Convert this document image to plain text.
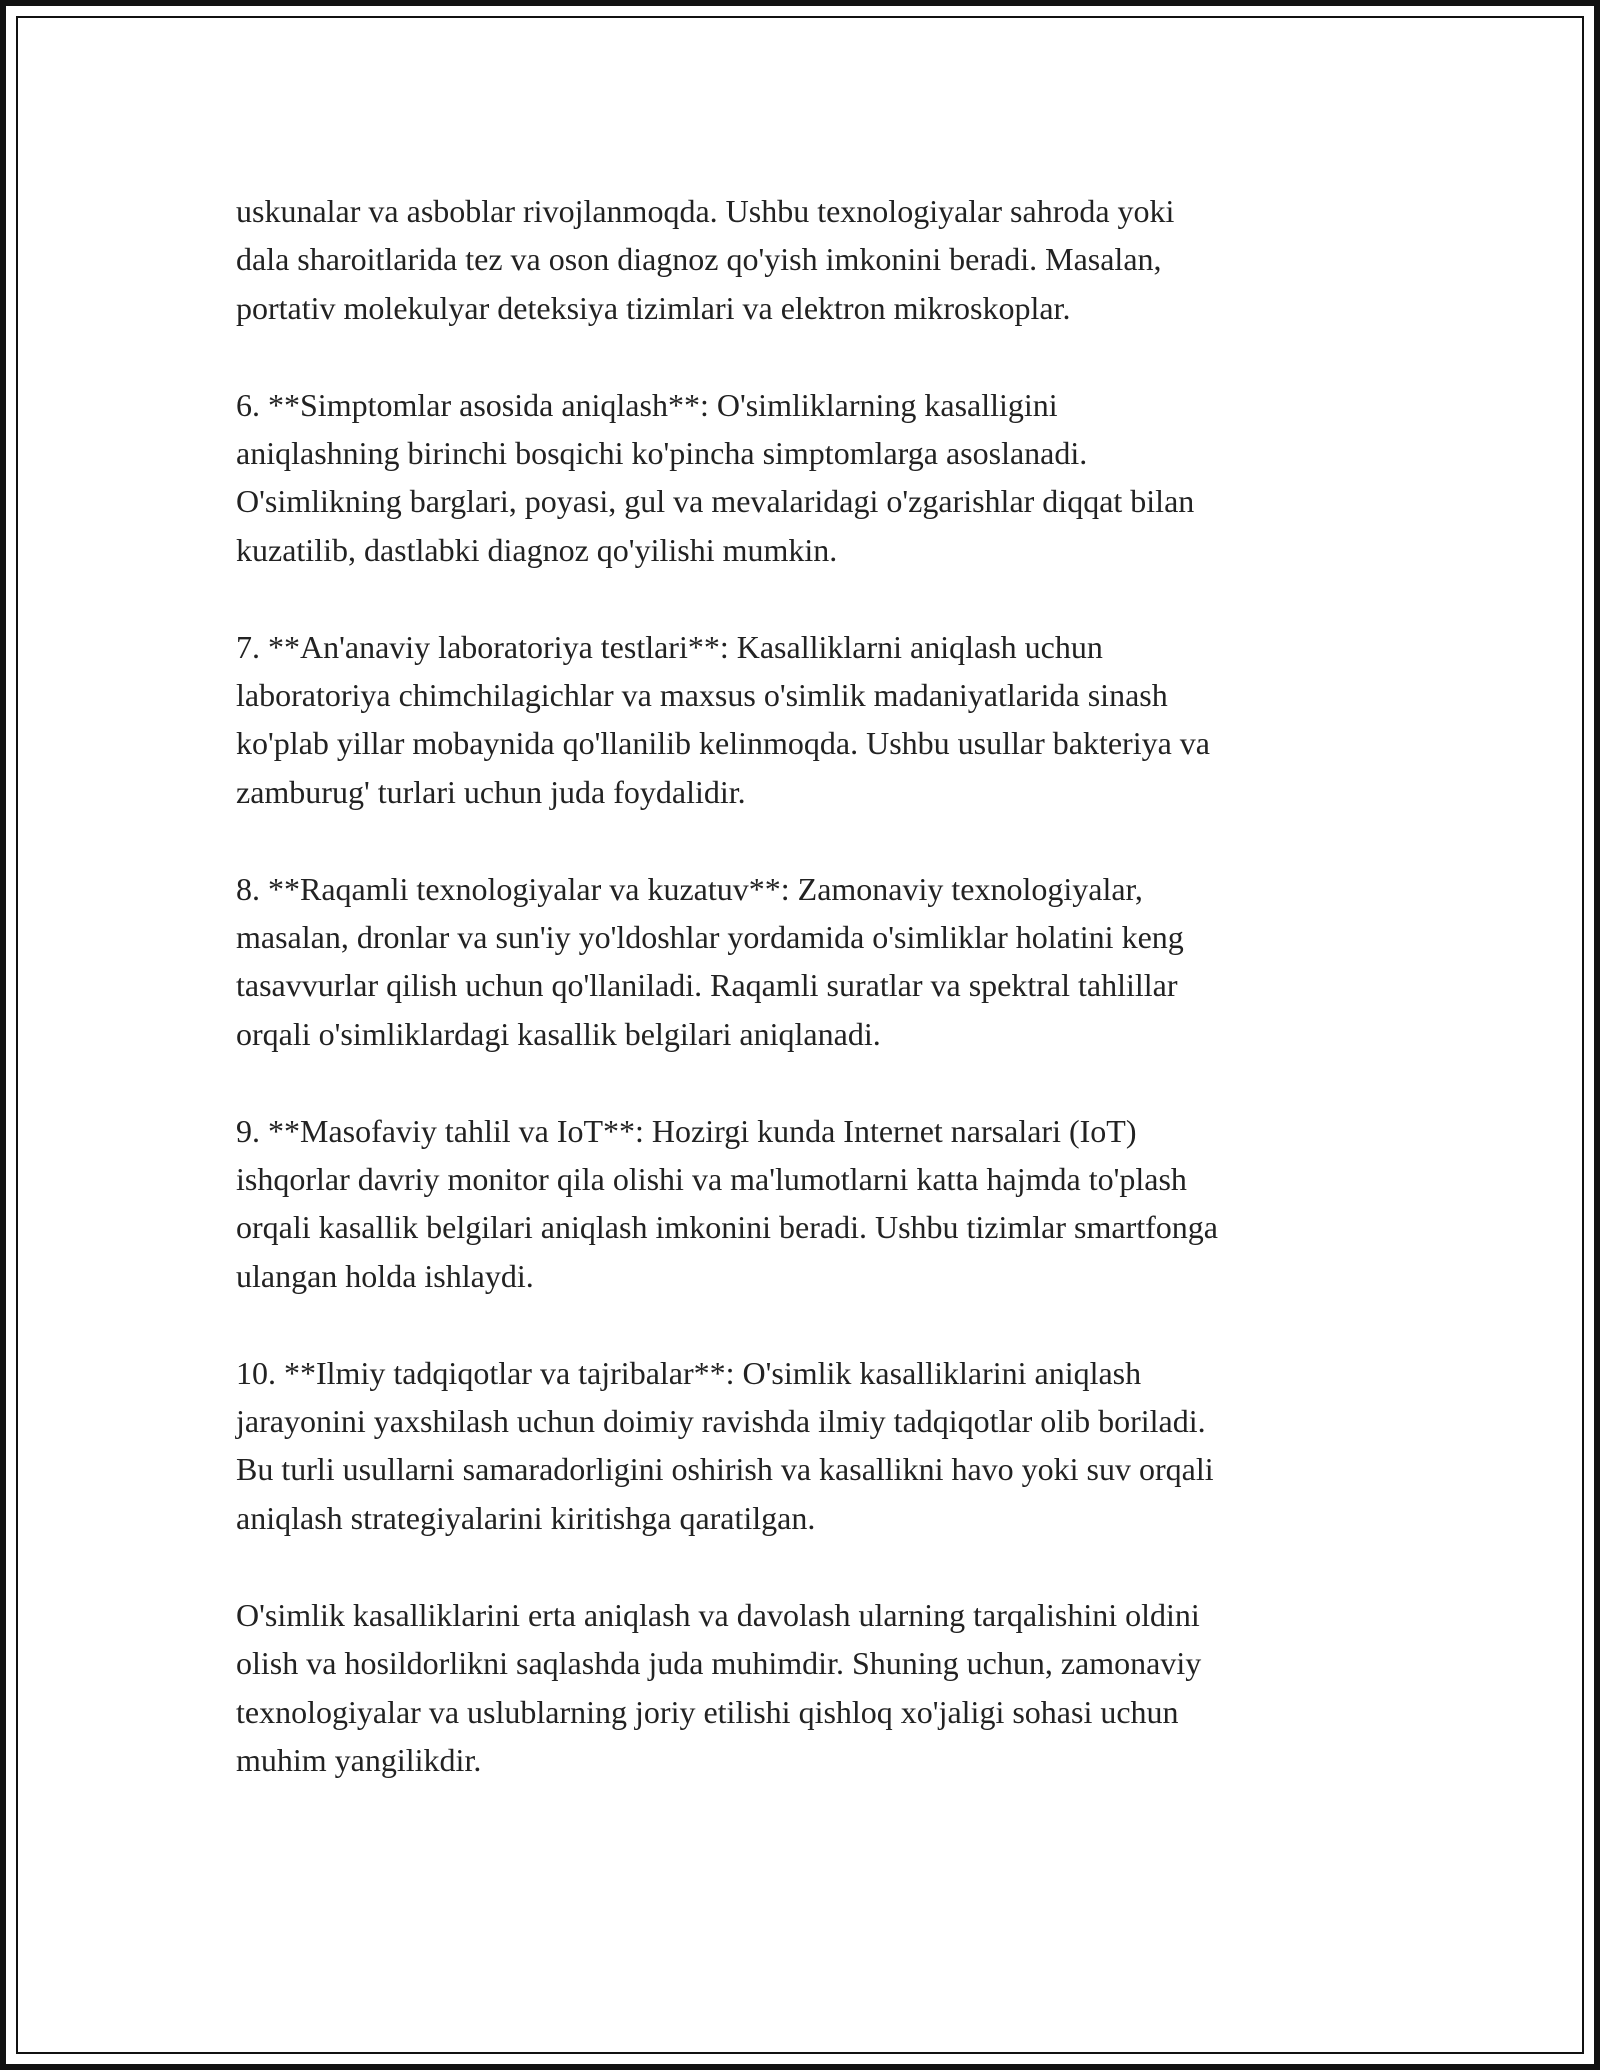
uskunalar va asboblar rivojlanmoqda. Ushbu texnologiyalar sahroda yoki
dala sharoitlarida tez va oson diagnoz qo'yish imkonini beradi. Masalan,
portativ molekulyar deteksiya tizimlari va elektron mikroskoplar.

6. **Simptomlar asosida aniqlash**: O'simliklarning kasalligini
aniqlashning birinchi bosqichi ko'pincha simptomlarga asoslanadi.
O'simlikning barglari, poyasi, gul va mevalaridagi o'zgarishlar diqqat bilan
kuzatilib, dastlabki diagnoz qo'yilishi mumkin.

7. **An'anaviy laboratoriya testlari**: Kasalliklarni aniqlash uchun
laboratoriya chimchilagichlar va maxsus o'simlik madaniyatlarida sinash
ko'plab yillar mobaynida qo'llanilib kelinmoqda. Ushbu usullar bakteriya va
zamburug' turlari uchun juda foydalidir.

8. **Raqamli texnologiyalar va kuzatuv**: Zamonaviy texnologiyalar,
masalan, dronlar va sun'iy yo'ldoshlar yordamida o'simliklar holatini keng
tasavvurlar qilish uchun qo'llaniladi. Raqamli suratlar va spektral tahlillar
orqali o'simliklardagi kasallik belgilari aniqlanadi.

9. **Masofaviy tahlil va IoT**: Hozirgi kunda Internet narsalari (IoT)
ishqorlar davriy monitor qila olishi va ma'lumotlarni katta hajmda to'plash
orqali kasallik belgilari aniqlash imkonini beradi. Ushbu tizimlar smartfonga
ulangan holda ishlaydi.

10. **Ilmiy tadqiqotlar va tajribalar**: O'simlik kasalliklarini aniqlash
jarayonini yaxshilash uchun doimiy ravishda ilmiy tadqiqotlar olib boriladi.
Bu turli usullarni samaradorligini oshirish va kasallikni havo yoki suv orqali
aniqlash strategiyalarini kiritishga qaratilgan.

O'simlik kasalliklarini erta aniqlash va davolash ularning tarqalishini oldini
olish va hosildorlikni saqlashda juda muhimdir. Shuning uchun, zamonaviy
texnologiyalar va uslublarning joriy etilishi qishloq xo'jaligi sohasi uchun
muhim yangilikdir.
